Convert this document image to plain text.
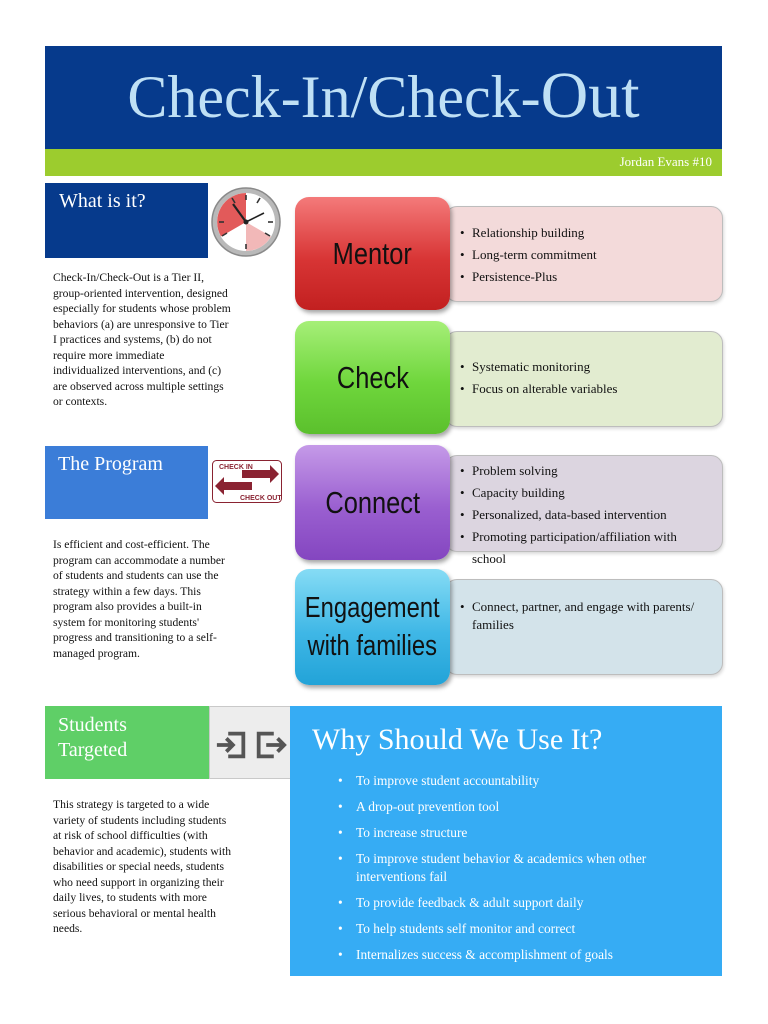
Check-In/Check-Out
Jordan Evans #10
What is it?
Check-In/Check-Out is a Tier II, group-oriented intervention, designed especially for students whose problem behaviors (a) are unresponsive to Tier I practices and systems, (b) do not require more immediate individualized interventions, and (c) are observed across multiple settings or contexts.
The Program	CHECK IN
CHECK OUT
Is efficient and cost-efficient. The program can accommodate a number of students and students can use the strategy within a few days. This program also provides a built-in system for monitoring students' progress and transitioning to a self-managed program.
Students Targeted
This strategy is targeted to a wide variety of students including students at risk of school difficulties (with behavior and academic), students with disabilities or special needs, students who need support in organizing their daily lives, to students with more serious behavioral or mental health needs.
• Relationship building
• Long-term commitment
• Persistence-Plus
Mentor
• Systematic monitoring
• Focus on alterable variables
Check
• Problem solving
• Capacity building
• Personalized, data-based intervention
• Promoting participation/affiliation with school
Connect
• Connect, partner, and engage with parents/ families
Engagement with families
Why Should We Use It?
• To improve student accountability
• A drop-out prevention tool
• To increase structure
• To improve student behavior & academics when other interventions fail
• To provide feedback & adult support daily
• To help students self monitor and correct
• Internalizes success & accomplishment of goals
